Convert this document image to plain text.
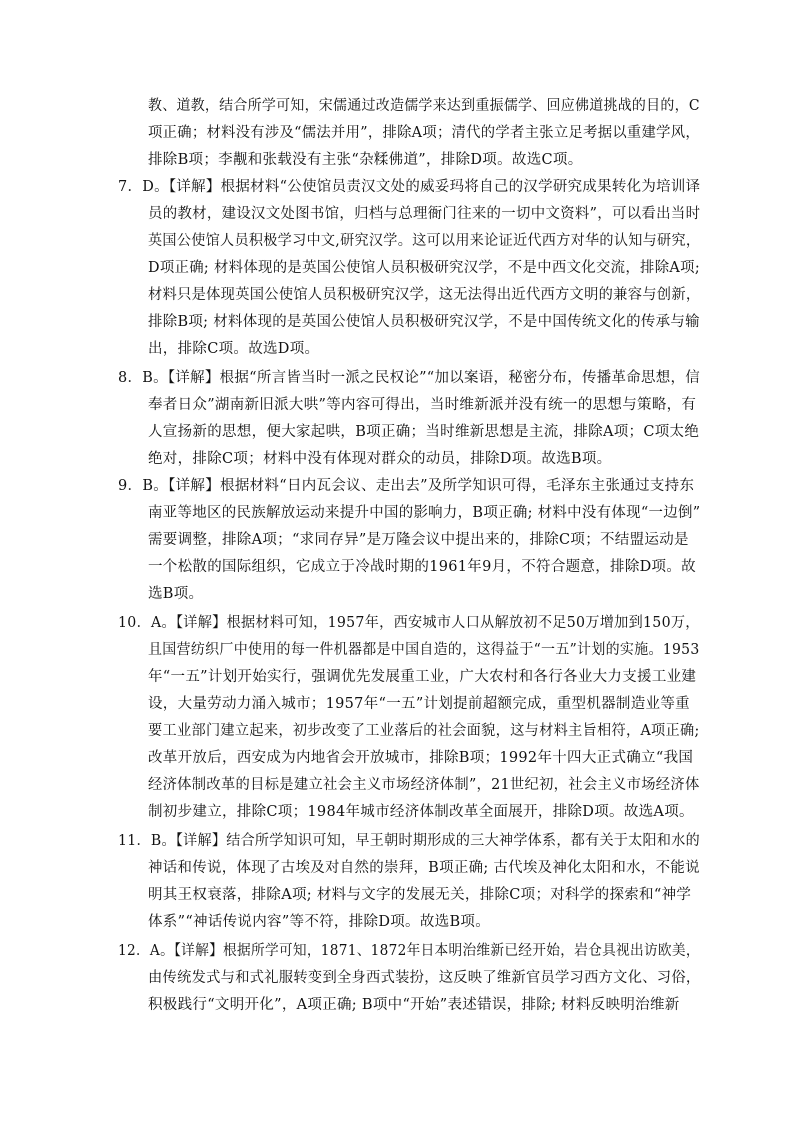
教、道教，结合所学可知，宋儒通过改造儒学来达到重振儒学、回应佛道挑战的目的，C
项正确；材料没有涉及“儒法并用”，排除A项；清代的学者主张立足考据以重建学风，
排除B项；李觏和张载没有主张“杂糅佛道”，排除D项。故选C项。
7．D。【详解】根据材料“公使馆员责汉文处的威妥玛将自己的汉学研究成果转化为培训译
员的教材，建设汉文处图书馆，归档与总理衙门往来的一切中文资料”，可以看出当时
英国公使馆人员积极学习中文,研究汉学。这可以用来论证近代西方对华的认知与研究，
D项正确; 材料体现的是英国公使馆人员积极研究汉学，不是中西文化交流，排除A项;
材料只是体现英国公使馆人员积极研究汉学，这无法得出近代西方文明的兼容与创新，
排除B项; 材料体现的是英国公使馆人员积极研究汉学，不是中国传统文化的传承与输
出，排除C项。故选D项。
8．B。【详解】根据“所言皆当时一派之民权论”“加以案语，秘密分布，传播革命思想，信
奉者日众”湖南新旧派大哄”等内容可得出，当时维新派并没有统一的思想与策略，有
人宣扬新的思想，便大家起哄，B项正确；当时维新思想是主流，排除A项；C项太绝
绝对，排除C项；材料中没有体现对群众的动员，排除D项。故选B项。
9．B。【详解】根据材料“日内瓦会议、走出去”及所学知识可得，毛泽东主张通过支持东
南亚等地区的民族解放运动来提升中国的影响力，B项正确; 材料中没有体现“一边倒”
需要调整，排除A项；“求同存异”是万隆会议中提出来的，排除C项；不结盟运动是
一个松散的国际组织，它成立于冷战时期的1961年9月，不符合题意，排除D项。故
选B项。
10．A。【详解】根据材料可知，1957年，西安城市人口从解放初不足50万增加到150万，
且国营纺织厂中使用的每一件机器都是中国自造的，这得益于“一五”计划的实施。1953
年“一五”计划开始实行，强调优先发展重工业，广大农村和各行各业大力支援工业建
设，大量劳动力涌入城市；1957年“一五”计划提前超额完成，重型机器制造业等重
要工业部门建立起来，初步改变了工业落后的社会面貌，这与材料主旨相符，A项正确;
改革开放后，西安成为内地省会开放城市，排除B项；1992年十四大正式确立“我国
经济体制改革的目标是建立社会主义市场经济体制”，21世纪初，社会主义市场经济体
制初步建立，排除C项；1984年城市经济体制改革全面展开，排除D项。故选A项。
11．B。【详解】结合所学知识可知，早王朝时期形成的三大神学体系，都有关于太阳和水的
神话和传说，体现了古埃及对自然的崇拜，B项正确; 古代埃及神化太阳和水，不能说
明其王权衰落，排除A项; 材料与文字的发展无关，排除C项；对科学的探索和“神学
体系”“神话传说内容”等不符，排除D项。故选B项。
12．A。【详解】根据所学可知，1871、1872年日本明治维新已经开始，岩仓具视出访欧美，
由传统发式与和式礼服转变到全身西式装扮，这反映了维新官员学习西方文化、习俗，
积极践行“文明开化”，A项正确; B项中“开始”表述错误，排除; 材料反映明治维新
